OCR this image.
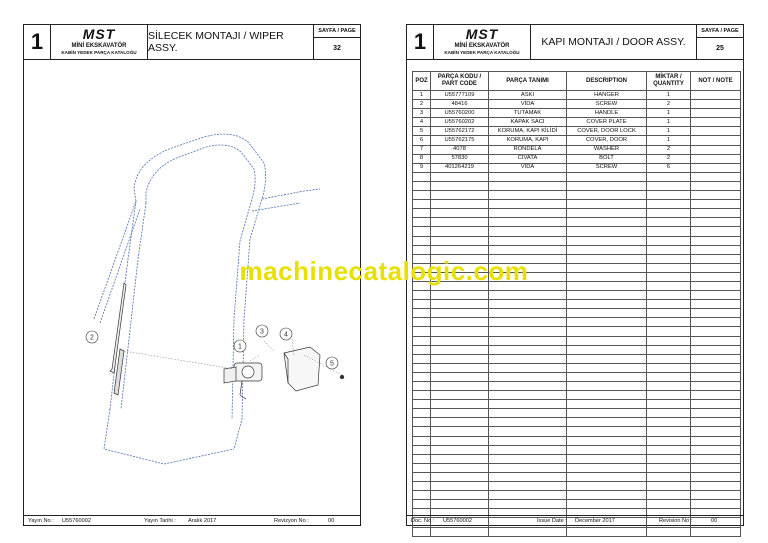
1	MST
MİNİ EKSKAVATÖR
KABİN YEDEK PARÇA KATALOĞU
SİLECEK MONTAJI / WIPER ASSY.
SAYFA / PAGE
32
1
2
3	4
5
Yayın No :	U55760002	Yayın Tarihi :	Aralık 2017	Revizyon No :	00
1	MST
MİNİ EKSKAVATÖR
KABİN YEDEK PARÇA KATALOĞU
KAPI MONTAJI / DOOR ASSY.
SAYFA / PAGE
25
POZ	PARÇA KODU / PART CODE	PARÇA TANIMI	DESCRIPTION	MİKTAR / QUANTITY	NOT / NOTE
1	U55777109	ASKI	HANGER	1	
2	48416	VİDA	SCREW	2	
3	U55760200	TUTAMAK	HANDLE	1	
4	U55760202	KAPAK SACI	COVER PLATE	1	
5	U55762172	KORUMA, KAPI KİLİDİ	COVER, DOOR LOCK	1	
6	U55762175	KORUMA, KAPI	COVER, DOOR	1	
7	4078	RONDELA	WASHER	2	
8	57830	CIVATA	BOLT	2	
9	401264219	VİDA	SCREW	6	

Doc. No :	U55760002	Issue Date :	December 2017	Revision No :	00
machinecatalogic.com
